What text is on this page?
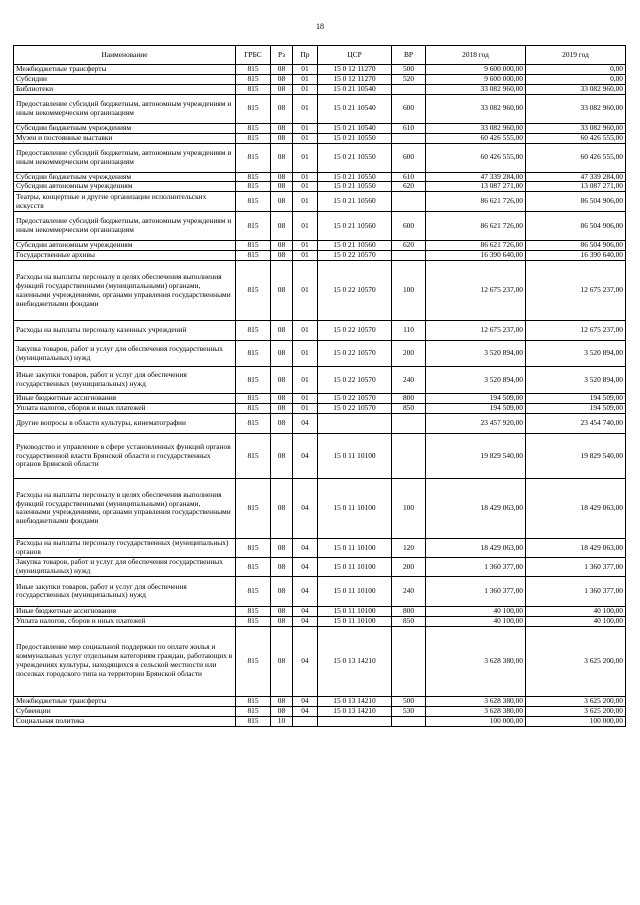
18
Наименование	ГРБС	Рз	Пр	ЦСР	ВР	2018 год	2019 год
Межбюджетные трансферты	815	08	01	15 0 12 11270	500	9 600 000,00	0,00
Субсидии	815	08	01	15 0 12 11270	520	9 600 000,00	0,00
Библиотеки	815	08	01	15 0 21 10540		33 082 960,00	33 082 960,00
Предоставление субсидий бюджетным, автономным учреждениям и иным некоммерческим организациям	815	08	01	15 0 21 10540	600	33 082 960,00	33 082 960,00
Субсидии бюджетным учреждениям	815	08	01	15 0 21 10540	610	33 082 960,00	33 082 960,00
Музеи и постоянные выставки	815	08	01	15 0 21 10550		60 426 555,00	60 426 555,00
Предоставление субсидий бюджетным, автономным учреждениям и иным некоммерческим организациям	815	08	01	15 0 21 10550	600	60 426 555,00	60 426 555,00
Субсидии бюджетным учреждениям	815	08	01	15 0 21 10550	610	47 339 284,00	47 339 284,00
Субсидии автономным учреждениям	815	08	01	15 0 21 10550	620	13 087 271,00	13 087 271,00
Театры, концертные и другие организации исполнительских искусств	815	08	01	15 0 21 10560		86 621 726,00	86 504 906,00
Предоставление субсидий бюджетным, автономным учреждениям и иным некоммерческим организациям	815	08	01	15 0 21 10560	600	86 621 726,00	86 504 906,00
Субсидии автономным учреждениям	815	08	01	15 0 21 10560	620	86 621 726,00	86 504 906,00
Государственные архивы	815	08	01	15 0 22 10570		16 390 640,00	16 390 640,00
Расходы на выплаты персоналу в целях обеспечения выполнения функций государственными (муниципальными) органами, казенными учреждениями, органами управления государственными внебюджетными фондами	815	08	01	15 0 22 10570	100	12 675 237,00	12 675 237,00
Расходы на выплаты персоналу казенных учреждений	815	08	01	15 0 22 10570	110	12 675 237,00	12 675 237,00
Закупка товаров, работ и услуг для обеспечения государственных (муниципальных) нужд	815	08	01	15 0 22 10570	200	3 520 894,00	3 520 894,00
Иные закупки товаров, работ и услуг для обеспечения государственных (муниципальных) нужд	815	08	01	15 0 22 10570	240	3 520 894,00	3 520 894,00
Иные бюджетные ассигнования	815	08	01	15 0 22 10570	800	194 509,00	194 509,00
Уплата налогов, сборов и иных платежей	815	08	01	15 0 22 10570	850	194 509,00	194 509,00
Другие вопросы в области культуры, кинематографии	815	08	04			23 457 920,00	23 454 740,00
Руководство и управление в сфере установленных функций органов государственной власти Брянской области и государственных органов Брянской области	815	08	04	15 0 11 10100		19 829 540,00	19 829 540,00
Расходы на выплаты персоналу в целях обеспечения выполнения функций государственными (муниципальными) органами, казенными учреждениями, органами управления государственными внебюджетными фондами	815	08	04	15 0 11 10100	100	18 429 063,00	18 429 063,00
Расходы на выплаты персоналу государственных (муниципальных) органов	815	08	04	15 0 11 10100	120	18 429 063,00	18 429 063,00
Закупка товаров, работ и услуг для обеспечения государственных (муниципальных) нужд	815	08	04	15 0 11 10100	200	1 360 377,00	1 360 377,00
Иные закупки товаров, работ и услуг для обеспечения государственных (муниципальных) нужд	815	08	04	15 0 11 10100	240	1 360 377,00	1 360 377,00
Иные бюджетные ассигнования	815	08	04	15 0 11 10100	800	40 100,00	40 100,00
Уплата налогов, сборов и иных платежей	815	08	04	15 0 11 10100	850	40 100,00	40 100,00
Предоставление мер социальной поддержки по оплате жилья и коммунальных услуг отдельным категориям граждан, работающих в учреждениях культуры, находящихся в сельской местности или поселках городского типа на территории Брянской области	815	08	04	15 0 13 14210		3 628 380,00	3 625 200,00
Межбюджетные трансферты	815	08	04	15 0 13 14210	500	3 628 380,00	3 625 200,00
Субвенции	815	08	04	15 0 13 14210	530	3 628 380,00	3 625 200,00
Социальная политика	815	10				100 000,00	100 000,00
